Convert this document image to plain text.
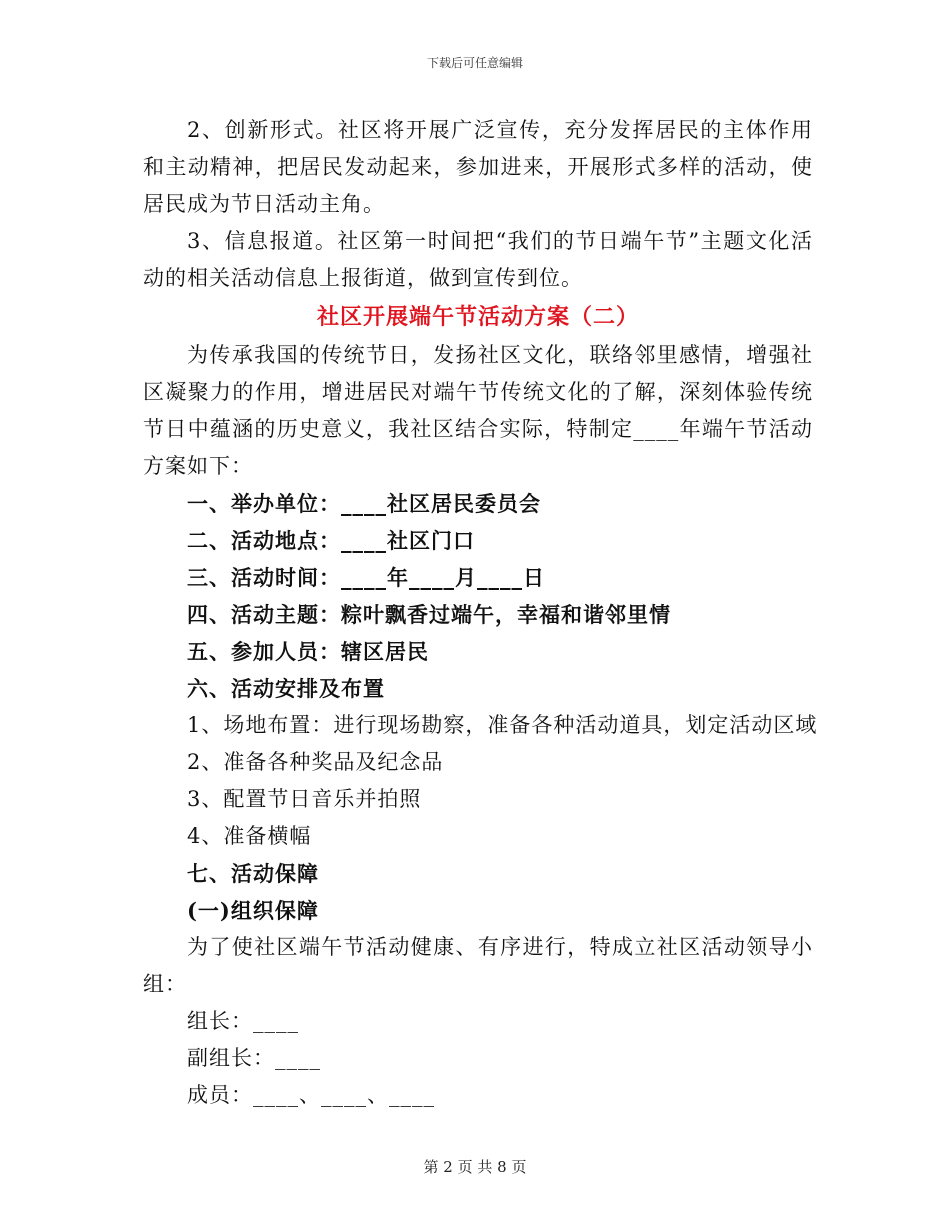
下载后可任意编辑

2、创新形式。社区将开展广泛宣传，充分发挥居民的主体作用和主动精神，把居民发动起来，参加进来，开展形式多样的活动，使居民成为节日活动主角。

3、信息报道。社区第一时间把“我们的节日端午节”主题文化活动的相关活动信息上报街道，做到宣传到位。

社区开展端午节活动方案（二）

为传承我国的传统节日，发扬社区文化，联络邻里感情，增强社区凝聚力的作用，增进居民对端午节传统文化的了解，深刻体验传统节日中蕴涵的历史意义，我社区结合实际，特制定____年端午节活动方案如下：

一、举办单位：____社区居民委员会

二、活动地点：____社区门口

三、活动时间：____年____月____日

四、活动主题：粽叶飘香过端午，幸福和谐邻里情

五、参加人员：辖区居民

六、活动安排及布置

1、场地布置：进行现场勘察，准备各种活动道具，划定活动区域

2、准备各种奖品及纪念品

3、配置节日音乐并拍照

4、准备横幅

七、活动保障

(一)组织保障

为了使社区端午节活动健康、有序进行，特成立社区活动领导小组：

组长：____

副组长：____

成员：____、____、____

第 2 页 共 8 页
